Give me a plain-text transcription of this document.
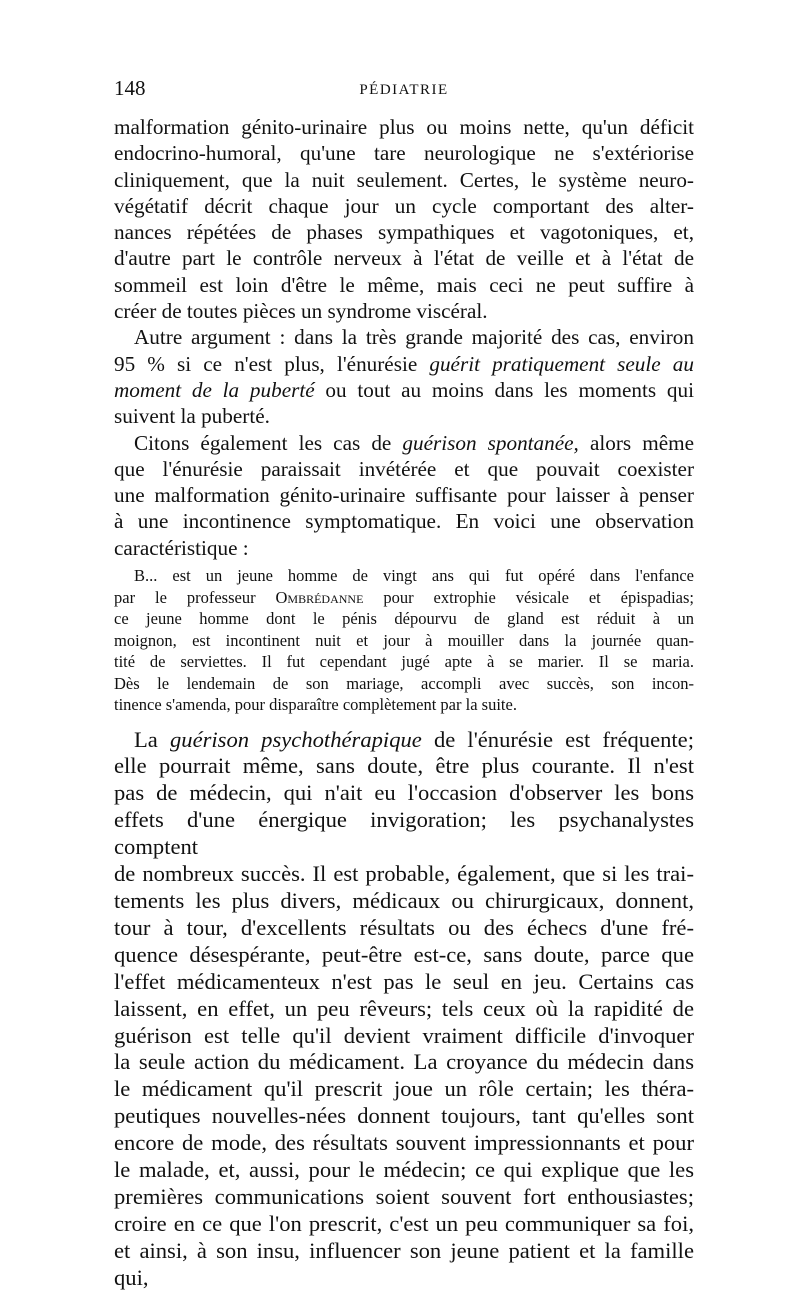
148	PÉDIATRIE

malformation génito-urinaire plus ou moins nette, qu'un déficit

endocrino-humoral, qu'une tare neurologique ne s'extériorise

cliniquement, que la nuit seulement. Certes, le système neuro-

végétatif décrit chaque jour un cycle comportant des alter-

nances répétées de phases sympathiques et vagotoniques, et,

d'autre part le contrôle nerveux à l'état de veille et à l'état de

sommeil est loin d'être le même, mais ceci ne peut suffire à

créer de toutes pièces un syndrome viscéral.

Autre argument : dans la très grande majorité des cas, environ

95 % si ce n'est plus, l'énurésie guérit pratiquement seule au

moment de la puberté ou tout au moins dans les moments qui

suivent la puberté.

Citons également les cas de guérison spontanée, alors même

que l'énurésie paraissait invétérée et que pouvait coexister

une malformation génito-urinaire suffisante pour laisser à penser

à une incontinence symptomatique. En voici une observation

caractéristique :

B... est un jeune homme de vingt ans qui fut opéré dans l'enfance

par le professeur Ombrédanne pour extrophie vésicale et épispadias;

ce jeune homme dont le pénis dépourvu de gland est réduit à un

moignon, est incontinent nuit et jour à mouiller dans la journée quan-

tité de serviettes. Il fut cependant jugé apte à se marier. Il se maria.

Dès le lendemain de son mariage, accompli avec succès, son incon-

tinence s'amenda, pour disparaître complètement par la suite.

La guérison psychothérapique de l'énurésie est fréquente;

elle pourrait même, sans doute, être plus courante. Il n'est

pas de médecin, qui n'ait eu l'occasion d'observer les bons

effets d'une énergique invigoration; les psychanalystes comptent

de nombreux succès. Il est probable, également, que si les trai-

tements les plus divers, médicaux ou chirurgicaux, donnent,

tour à tour, d'excellents résultats ou des échecs d'une fré-

quence désespérante, peut-être est-ce, sans doute, parce que

l'effet médicamenteux n'est pas le seul en jeu. Certains cas

laissent, en effet, un peu rêveurs; tels ceux où la rapidité de

guérison est telle qu'il devient vraiment difficile d'invoquer

la seule action du médicament. La croyance du médecin dans

le médicament qu'il prescrit joue un rôle certain; les théra-

peutiques nouvelles-nées donnent toujours, tant qu'elles sont

encore de mode, des résultats souvent impressionnants et pour

le malade, et, aussi, pour le médecin; ce qui explique que les

premières communications soient souvent fort enthousiastes;

croire en ce que l'on prescrit, c'est un peu communiquer sa foi,

et ainsi, à son insu, influencer son jeune patient et la famille qui,
